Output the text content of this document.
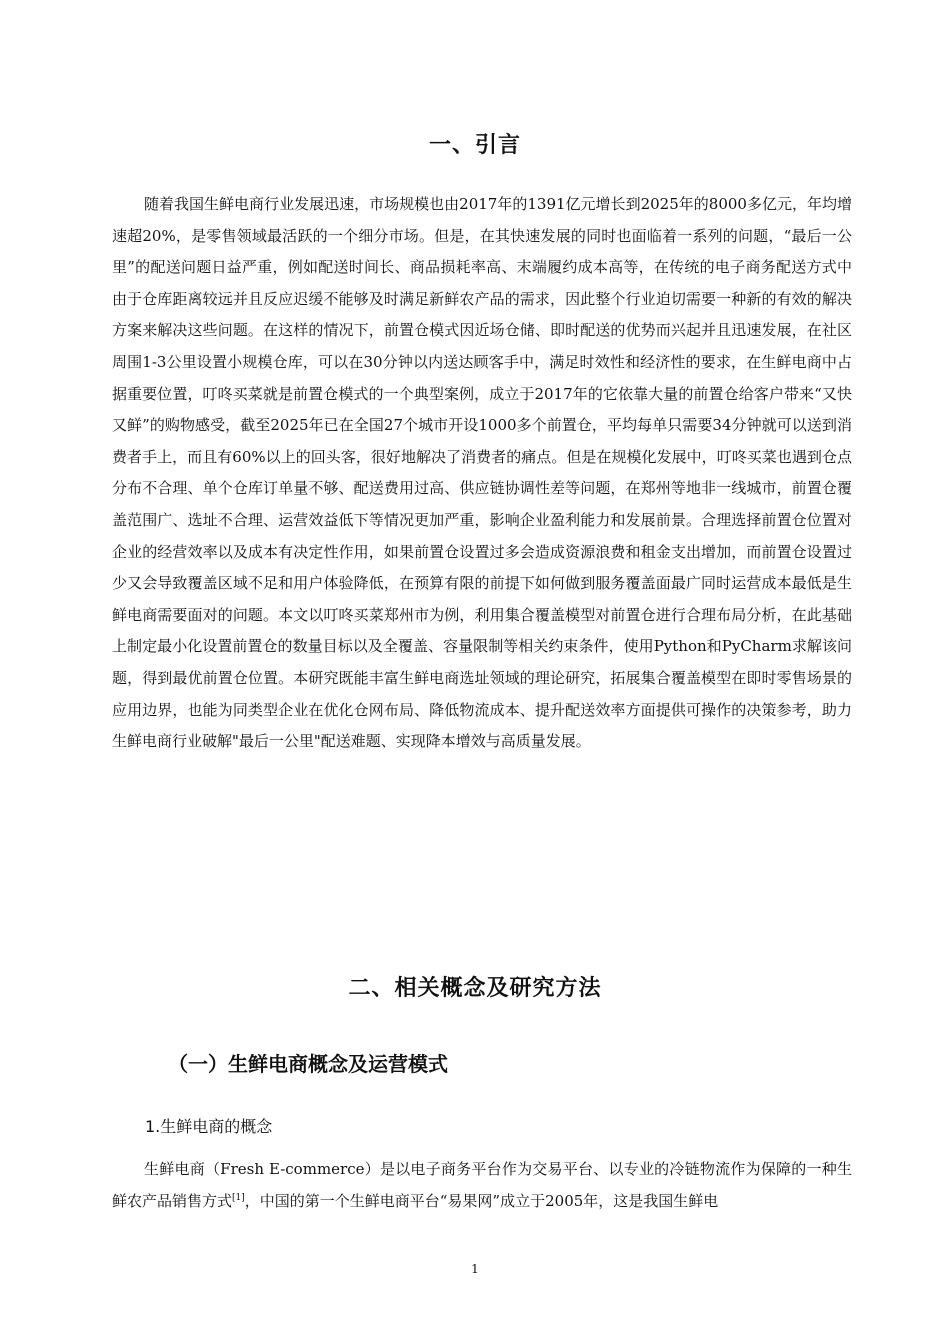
一、引言

随着我国生鲜电商行业发展迅速，市场规模也由2017年的1391亿元增长到2025年的8000多亿元，年均增速超20%，是零售领域最活跃的一个细分市场。但是，在其快速发展的同时也面临着一系列的问题，“最后一公里”的配送问题日益严重，例如配送时间长、商品损耗率高、末端履约成本高等，在传统的电子商务配送方式中由于仓库距离较远并且反应迟缓不能够及时满足新鲜农产品的需求，因此整个行业迫切需要一种新的有效的解决方案来解决这些问题。在这样的情况下，前置仓模式因近场仓储、即时配送的优势而兴起并且迅速发展，在社区周围1-3公里设置小规模仓库，可以在30分钟以内送达顾客手中，满足时效性和经济性的要求，在生鲜电商中占据重要位置，叮咚买菜就是前置仓模式的一个典型案例，成立于2017年的它依靠大量的前置仓给客户带来“又快又鲜”的购物感受，截至2025年已在全国27个城市开设1000多个前置仓，平均每单只需要34分钟就可以送到消费者手上，而且有60%以上的回头客，很好地解决了消费者的痛点。但是在规模化发展中，叮咚买菜也遇到仓点分布不合理、单个仓库订单量不够、配送费用过高、供应链协调性差等问题，在郑州等地非一线城市，前置仓覆盖范围广、选址不合理、运营效益低下等情况更加严重，影响企业盈利能力和发展前景。合理选择前置仓位置对企业的经营效率以及成本有决定性作用，如果前置仓设置过多会造成资源浪费和租金支出增加，而前置仓设置过少又会导致覆盖区域不足和用户体验降低，在预算有限的前提下如何做到服务覆盖面最广同时运营成本最低是生鲜电商需要面对的问题。本文以叮咚买菜郑州市为例，利用集合覆盖模型对前置仓进行合理布局分析，在此基础上制定最小化设置前置仓的数量目标以及全覆盖、容量限制等相关约束条件，使用Python和PyCharm求解该问题，得到最优前置仓位置。本研究既能丰富生鲜电商选址领域的理论研究，拓展集合覆盖模型在即时零售场景的应用边界，也能为同类型企业在优化仓网布局、降低物流成本、提升配送效率方面提供可操作的决策参考，助力生鲜电商行业破解"最后一公里"配送难题、实现降本增效与高质量发展。

二、相关概念及研究方法
（一）生鲜电商概念及运营模式
1.生鲜电商的概念

生鲜电商（Fresh E-commerce）是以电子商务平台作为交易平台、以专业的冷链物流作为保障的一种生鲜农产品销售方式[1]，中国的第一个生鲜电商平台“易果网”成立于2005年，这是我国生鲜电

1
